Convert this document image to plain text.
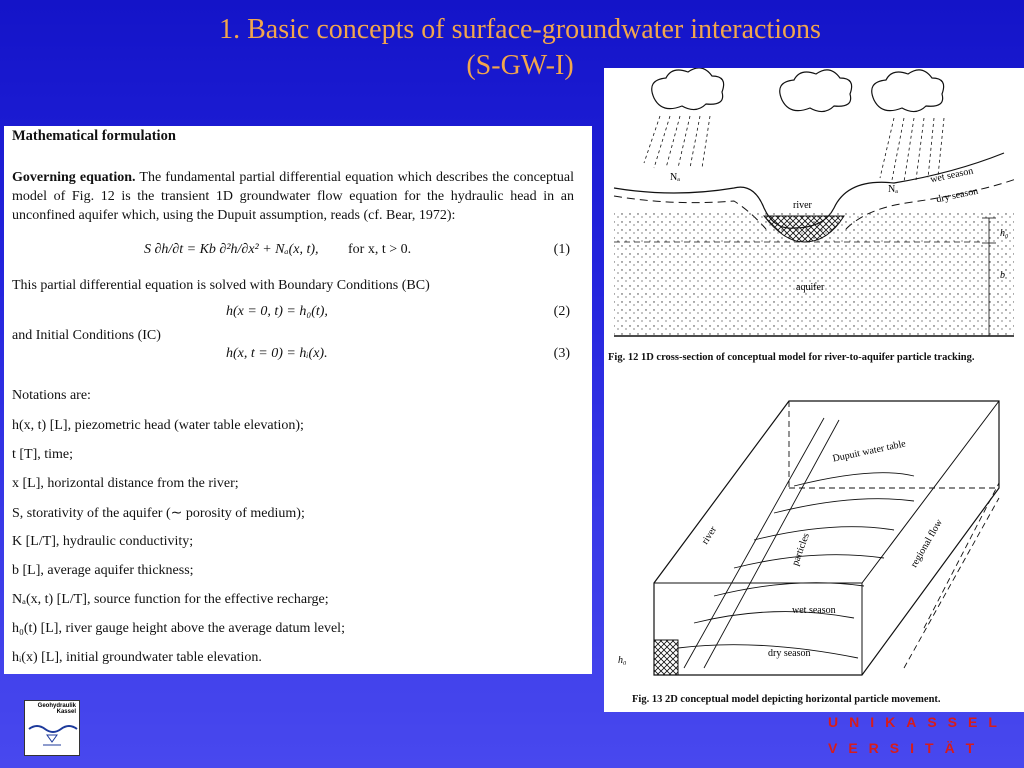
1. Basic concepts of surface-groundwater interactions
(S-GW-I)
Mathematical formulation
Governing equation. The fundamental partial differential equation which describes the conceptual model of Fig. 12 is the transient 1D groundwater flow equation for the hydraulic head in an unconfined aquifer which, using the Dupuit assumption, reads (cf. Bear, 1972):
S ∂h/∂t = Kb ∂²h/∂x² + Nₐ(x, t), for x, t > 0.	(1)
This partial differential equation is solved with Boundary Conditions (BC)
h(x = 0, t) = h₀(t),	(2)
and Initial Conditions (IC)
h(x, t = 0) = hᵢ(x).	(3)
Notations are:
h(x, t) [L], piezometric head (water table elevation);
t [T], time;
x [L], horizontal distance from the river;
S, storativity of the aquifer (∼ porosity of medium);
K [L/T], hydraulic conductivity;
b [L], average aquifer thickness;
Nₐ(x, t) [L/T], source function for the effective recharge;
h₀(t) [L], river gauge height above the average datum level;
hᵢ(x) [L], initial groundwater table elevation.
wet season
dry season
river
aquifer
Nₐ
Nₐ
h₀
b
Fig. 12 1D cross-section of conceptual model for river-to-aquifer particle tracking.
Dupuit water table
river	particles	regional flow
wet season
dry season
h₀
Fig. 13 2D conceptual model depicting horizontal particle movement.
Geohydraulik
Kassel
UNIKASSEL
VERSITÄT
